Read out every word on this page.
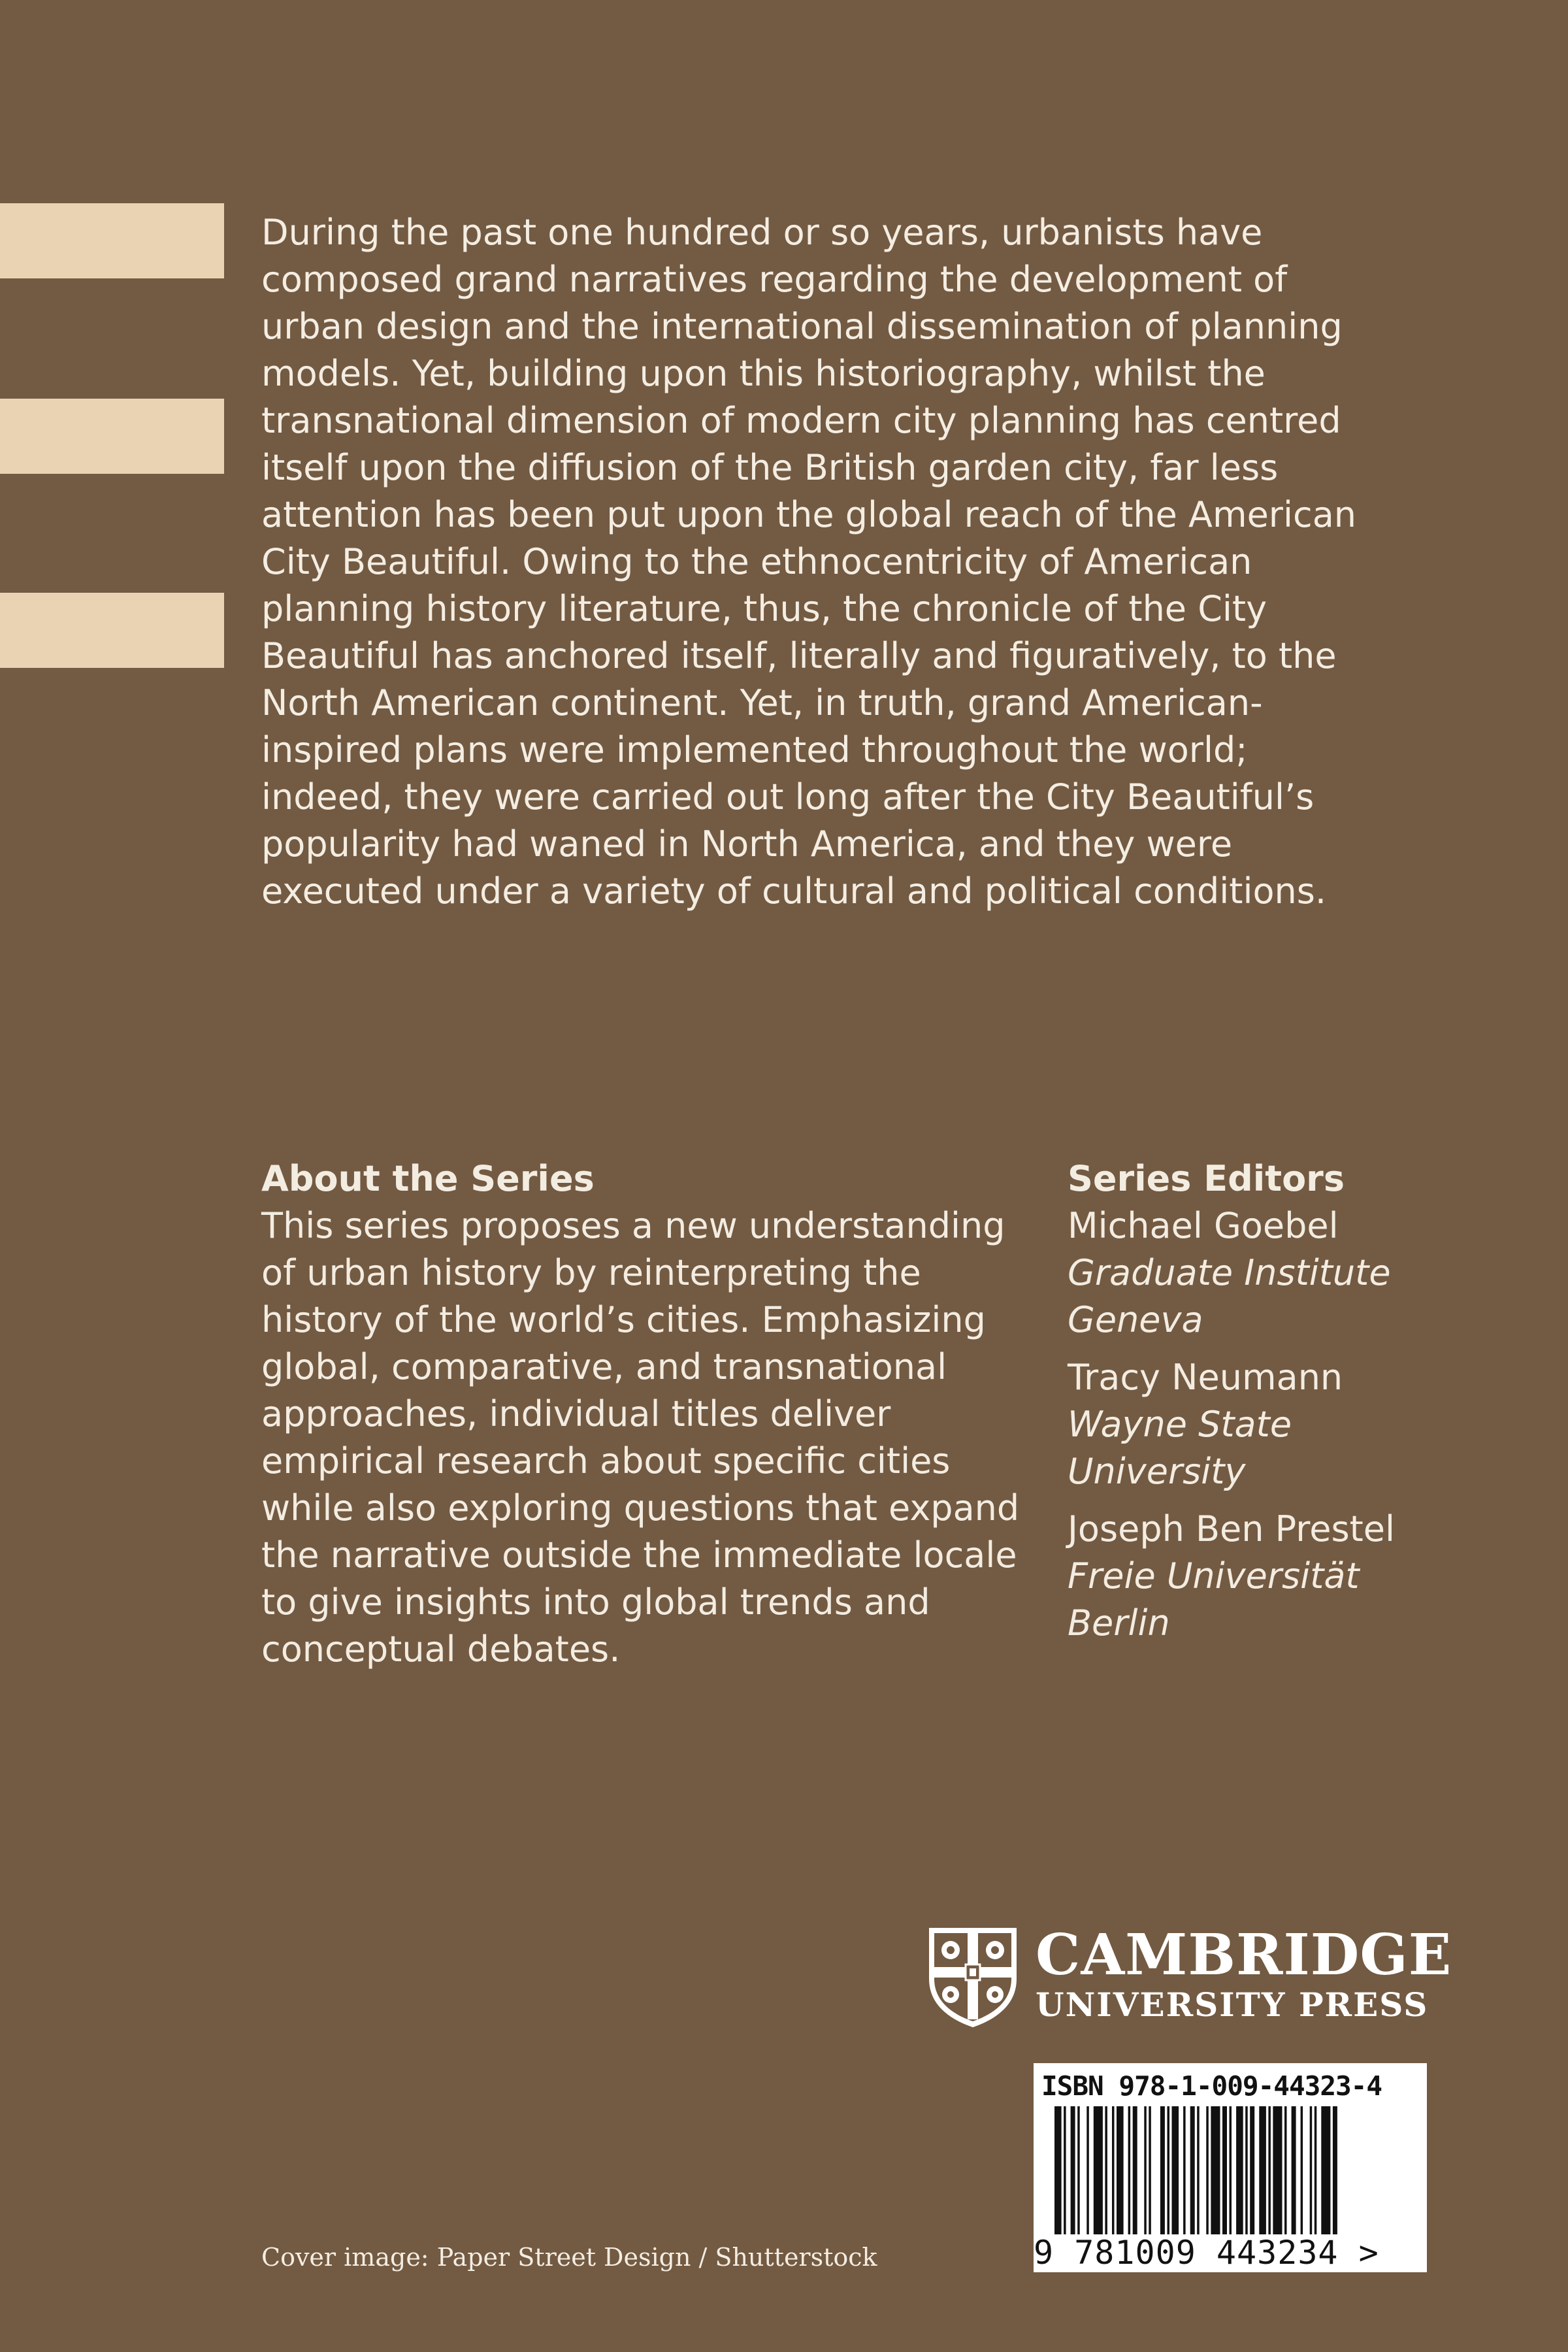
During the past one hundred or so years, urbanists have
composed grand narratives regarding the development of
urban design and the international dissemination of planning
models. Yet, building upon this historiography, whilst the
transnational dimension of modern city planning has centred
itself upon the diffusion of the British garden city, far less
attention has been put upon the global reach of the American
City Beautiful. Owing to the ethnocentricity of American
planning history literature, thus, the chronicle of the City
Beautiful has anchored itself, literally and figuratively, to the
North American continent. Yet, in truth, grand American-
inspired plans were implemented throughout the world;
indeed, they were carried out long after the City Beautiful’s
popularity had waned in North America, and they were
executed under a variety of cultural and political conditions.
About the Series
This series proposes a new understanding
of urban history by reinterpreting the
history of the world’s cities. Emphasizing
global, comparative, and transnational
approaches, individual titles deliver
empirical research about specific cities
while also exploring questions that expand
the narrative outside the immediate locale
to give insights into global trends and
conceptual debates.
Series Editors
Michael Goebel
Graduate Institute
Geneva
Tracy Neumann
Wayne State
University
Joseph Ben Prestel
Freie Universität
Berlin
CAMBRIDGE
UNIVERSITY PRESS
ISBN 978-1-009-44323-4
9 781009 443234 >
Cover image: Paper Street Design / Shutterstock
